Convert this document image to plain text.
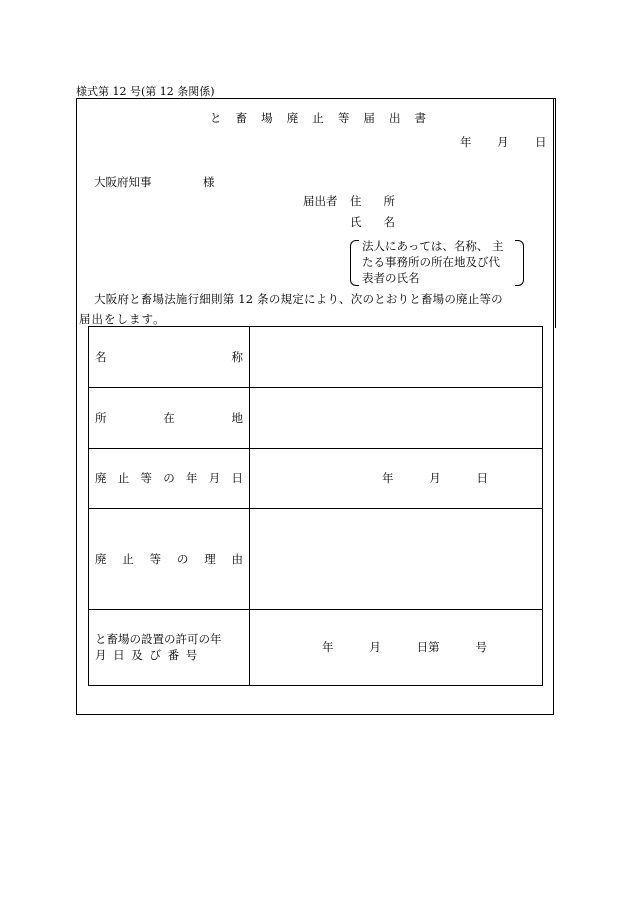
様式第 12 号(第 12 条関係)
と 畜 場 廃 止 等 届 出 書
年 月 日
大阪府知事	様
届出者 住 所
氏 名
法人にあっては、名称、 主
たる事務所の所在地及び代
表者の氏名
大阪府と畜場法施行細則第 12 条の規定により、次のとおりと畜場の廃止等の
届出をします。
名	称
所	在	地
廃 止 等 の 年 月 日	年	月	日
廃 止 等 の 理 由
と畜場の設置の許可の年
月 日 及 び 番 号
年	月	日第	号
